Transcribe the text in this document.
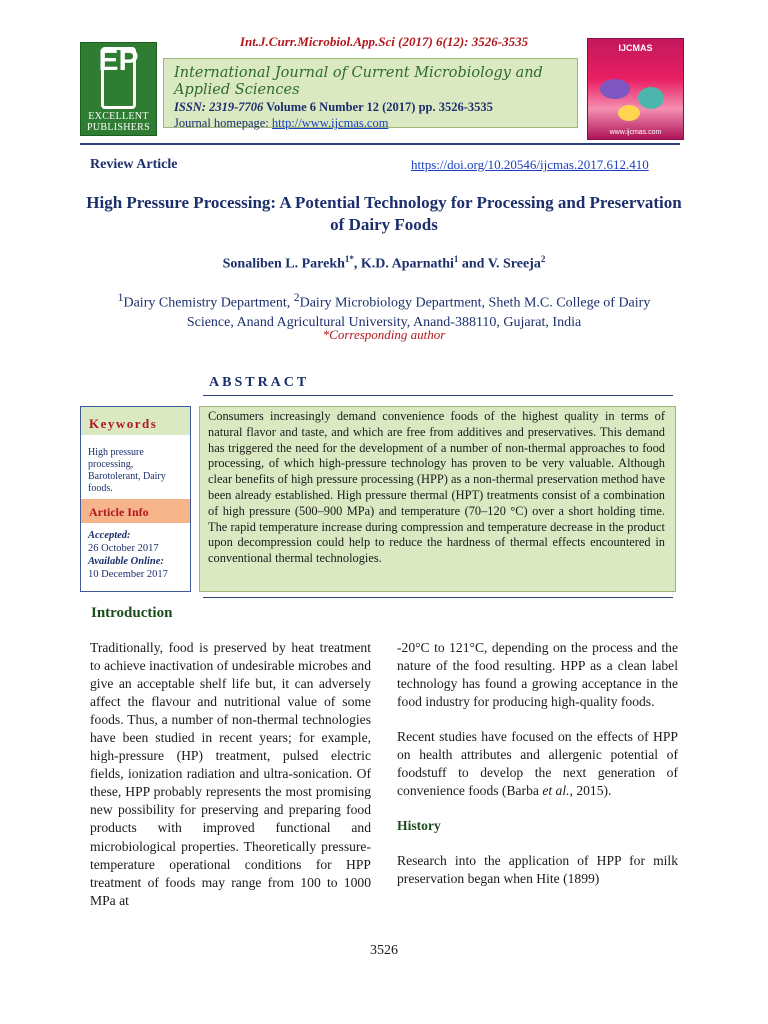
Int.J.Curr.Microbiol.App.Sci (2017) 6(12): 3526-3535
EP
EXCELLENT
PUBLISHERS
International Journal of Current Microbiology and Applied Sciences
ISSN: 2319-7706 Volume 6 Number 12 (2017) pp. 3526-3535
Journal homepage: http://www.ijcmas.com
IJCMAS
www.ijcmas.com
Review Article	https://doi.org/10.20546/ijcmas.2017.612.410
High Pressure Processing: A Potential Technology for Processing and Preservation of Dairy Foods
Sonaliben L. Parekh$^{1*}$, K.D. Aparnathi$^1$ and V. Sreeja$^2$
$^1$Dairy Chemistry Department, $^2$Dairy Microbiology Department, Sheth M.C. College of Dairy
Science, Anand Agricultural University, Anand-388110, Gujarat, India
*Corresponding author
ABSTRACT
Keywords
High pressure processing, Barotolerant, Dairy foods.
Article Info
Accepted:
26 October 2017
Available Online:
10 December 2017
Consumers increasingly demand convenience foods of the highest quality in terms of natural flavor and taste, and which are free from additives and preservatives. This demand has triggered the need for the development of a number of non-thermal approaches to food processing, of which high-pressure technology has proven to be very valuable. Although clear benefits of high pressure processing (HPP) as a non-thermal preservation method have been already established. High pressure thermal (HPT) treatments consist of a combination of high pressure (500–900 MPa) and temperature (70–120 °C) over a short holding time. The rapid temperature increase during compression and temperature decrease in the product upon decompression could help to reduce the hardness of thermal effects encountered in conventional thermal technologies.
Introduction

Traditionally, food is preserved by heat treatment to achieve inactivation of undesirable microbes and give an acceptable shelf life but, it can adversely affect the flavour and nutritional value of some foods. Thus, a number of non-thermal technologies have been studied in recent years; for example, high-pressure (HP) treatment, pulsed electric fields, ionization radiation and ultra-sonication. Of these, HPP probably represents the most promising new possibility for preserving and preparing food products with improved functional and microbiological properties. Theoretically pressure-temperature operational conditions for HPP treatment of foods may range from 100 to 1000 MPa at

-20°C to 121°C, depending on the process and the nature of the food resulting. HPP as a clean label technology has found a growing acceptance in the food industry for producing high-quality foods.

Recent studies have focused on the effects of HPP on health attributes and allergenic potential of foodstuff to develop the next generation of convenience foods (Barba et al., 2015).

History

Research into the application of HPP for milk preservation began when Hite (1899)

3526
